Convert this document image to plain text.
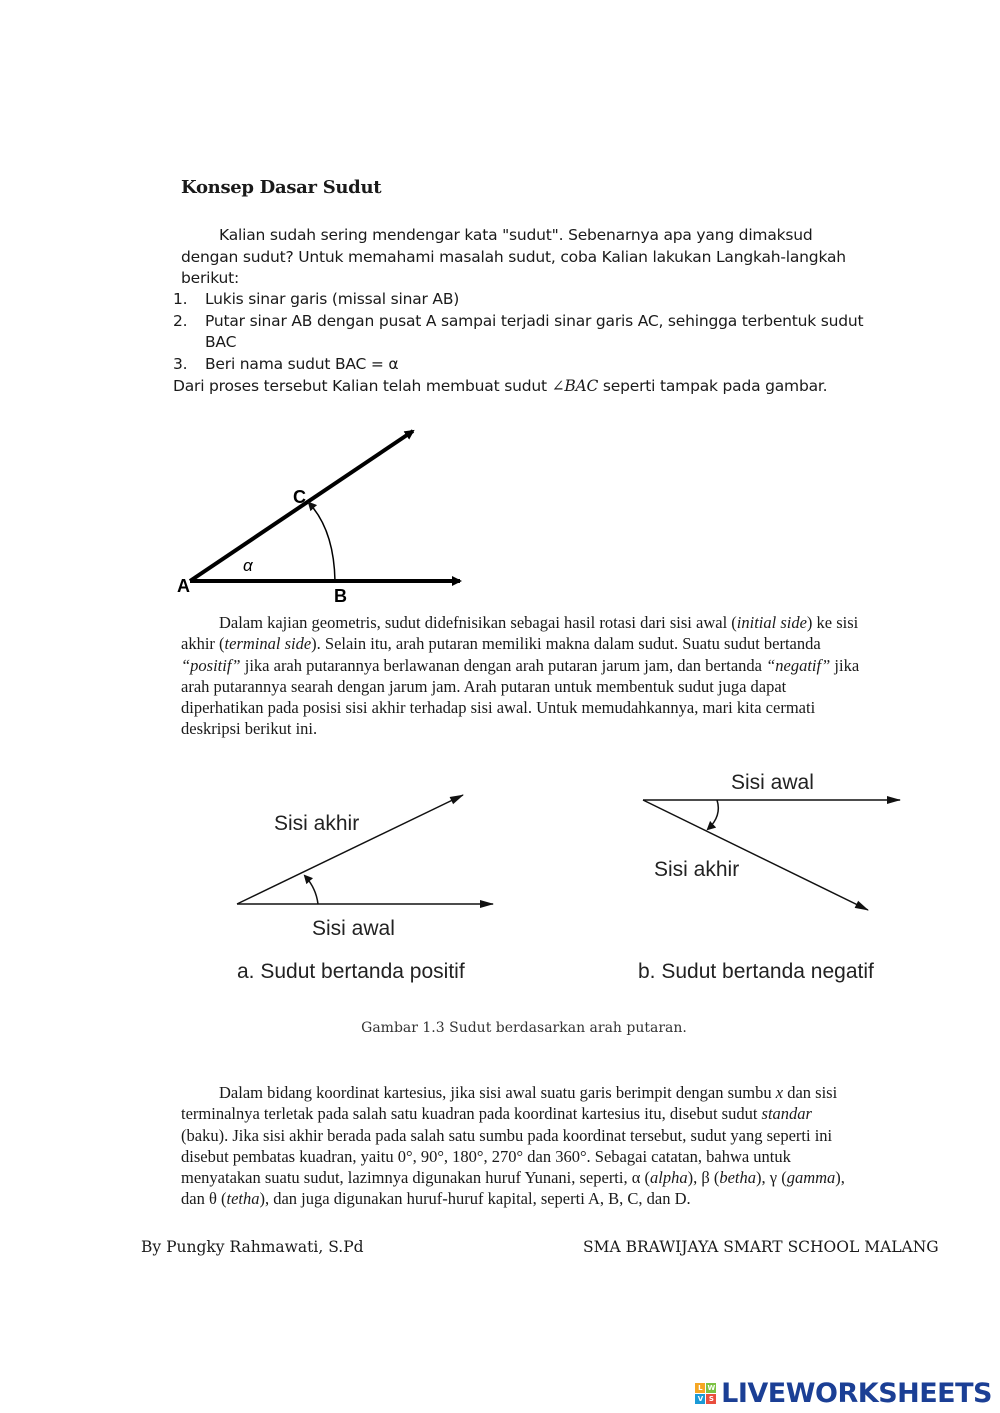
Konsep Dasar Sudut
Kalian sudah sering mendengar kata "sudut". Sebenarnya apa yang dimaksud
dengan sudut? Untuk memahami masalah sudut, coba Kalian lakukan Langkah-langkah
berikut:
1. Lukis sinar garis (missal sinar AB)
2. Putar sinar AB dengan pusat A sampai terjadi sinar garis AC, sehingga terbentuk sudut BAC
3. Beri nama sudut BAC = α
Dari proses tersebut Kalian telah membuat sudut ∠BAC seperti tampak pada gambar.
A	B
C
α
Sisi akhir
Sisi awal
a. Sudut bertanda positif
Sisi awal
Sisi akhir
b. Sudut bertanda negatif
Dalam kajian geometris, sudut didefnisikan sebagai hasil rotasi dari sisi awal (initial side) ke sisi akhir (terminal side). Selain itu, arah putaran memiliki makna dalam sudut. Suatu sudut bertanda “positif” jika arah putarannya berlawanan dengan arah putaran jarum jam, dan bertanda “negatif” jika arah putarannya searah dengan jarum jam. Arah putaran untuk membentuk sudut juga dapat diperhatikan pada posisi sisi akhir terhadap sisi awal. Untuk memudahkannya, mari kita cermati deskripsi berikut ini.
Gambar 1.3 Sudut berdasarkan arah putaran.
Dalam bidang koordinat kartesius, jika sisi awal suatu garis berimpit dengan sumbu x dan sisi terminalnya terletak pada salah satu kuadran pada koordinat kartesius itu, disebut sudut standar (baku). Jika sisi akhir berada pada salah satu sumbu pada koordinat tersebut, sudut yang seperti ini disebut pembatas kuadran, yaitu 0°, 90°, 180°, 270° dan 360°. Sebagai catatan, bahwa untuk menyatakan suatu sudut, lazimnya digunakan huruf Yunani, seperti, α (alpha), β (betha), γ (gamma), dan θ (tetha), dan juga digunakan huruf-huruf kapital, seperti A, B, C, dan D.
By Pungky Rahmawati, S.Pd	SMA BRAWIJAYA SMART SCHOOL MALANG
L W
V S LIVEWORKSHEETS
